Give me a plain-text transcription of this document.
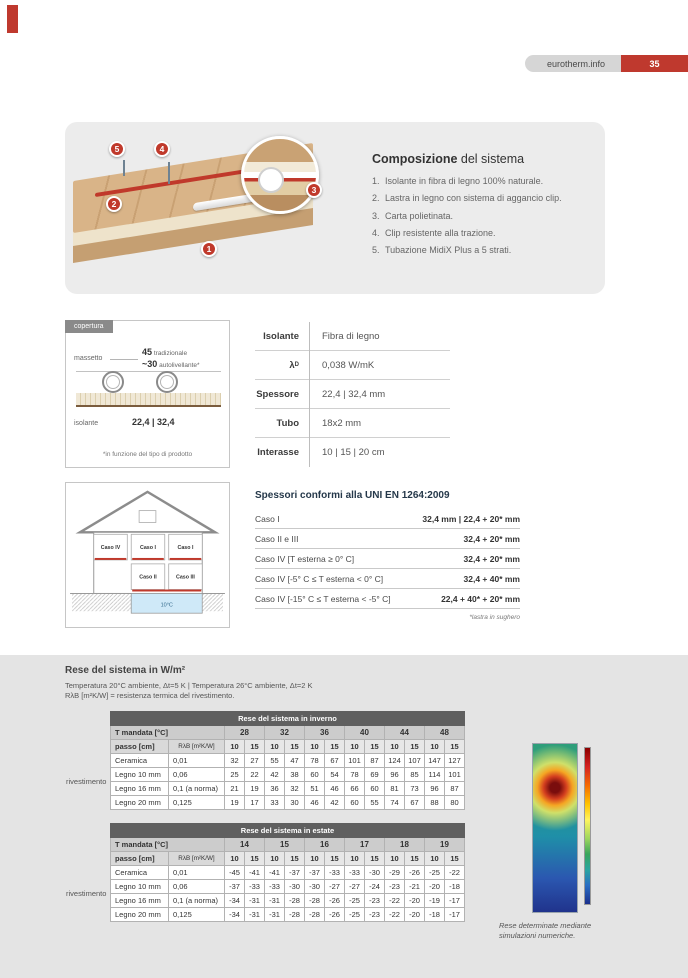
eurotherm.info	35
1
2
3
4
5
Composizione del sistema
1. Isolante in fibra di legno 100% naturale.
2. Lastra in legno con sistema di aggancio clip.
3. Carta polietinata.
4. Clip resistente alla trazione.
5. Tubazione MidiX Plus a 5 strati.
copertura
massetto
45 tradizionale
~30 autolivellante*
isolante	22,4 | 32,4
*in funzione del tipo di prodotto
Isolante	Fibra di legno
λ D	0,038 W/mK
Spessore	22,4 | 32,4 mm
Tubo	18x2 mm
Interasse	10 | 15 | 20 cm
Caso IV	Caso I	Caso I
Caso II	Caso III
10°C
Spessori conformi alla UNI EN 1264:2009
Caso I	32,4 mm | 22,4 + 20* mm
Caso II e III	32,4 + 20* mm
Caso IV [T esterna ≥ 0° C]	32,4 + 20* mm
Caso IV [-5° C ≤ T esterna < 0° C]	32,4 + 40* mm
Caso IV [-15° C ≤ T esterna < -5° C]	22,4 + 40* + 20* mm
*lastra in sughero
Rese del sistema in W/m²
Temperatura 20°C ambiente, Δt=5 K | Temperatura 26°C ambiente, Δt=2 K
RλB [m²K/W] = resistenza termica del rivestimento.
rivestimento
Rese del sistema in inverno													
T mandata [°C]		28		32		36		40		44		48	
passo [cm]	RλB [m²K/W]	10	15	10	15	10	15	10	15	10	15	10	15
Ceramica	0,01	32	27	55	47	78	67	101	87	124	107	147	127
Legno 10 mm	0,06	25	22	42	38	60	54	78	69	96	85	114	101
Legno 16 mm	0,1 (a norma)	21	19	36	32	51	46	66	60	81	73	96	87
Legno 20 mm	0,125	19	17	33	30	46	42	60	55	74	67	88	80
rivestimento
Rese del sistema in estate													
T mandata [°C]		14		15		16		17		18		19	
passo [cm]	RλB [m²K/W]	10	15	10	15	10	15	10	15	10	15	10	15
Ceramica	0,01	-45	-41	-41	-37	-37	-33	-33	-30	-29	-26	-25	-22
Legno 10 mm	0,06	-37	-33	-33	-30	-30	-27	-27	-24	-23	-21	-20	-18
Legno 16 mm	0,1 (a norma)	-34	-31	-31	-28	-28	-26	-25	-23	-22	-20	-19	-17
Legno 20 mm	0,125	-34	-31	-31	-28	-28	-26	-25	-23	-22	-20	-18	-17
Rese determinate mediante simulazioni numeriche.
